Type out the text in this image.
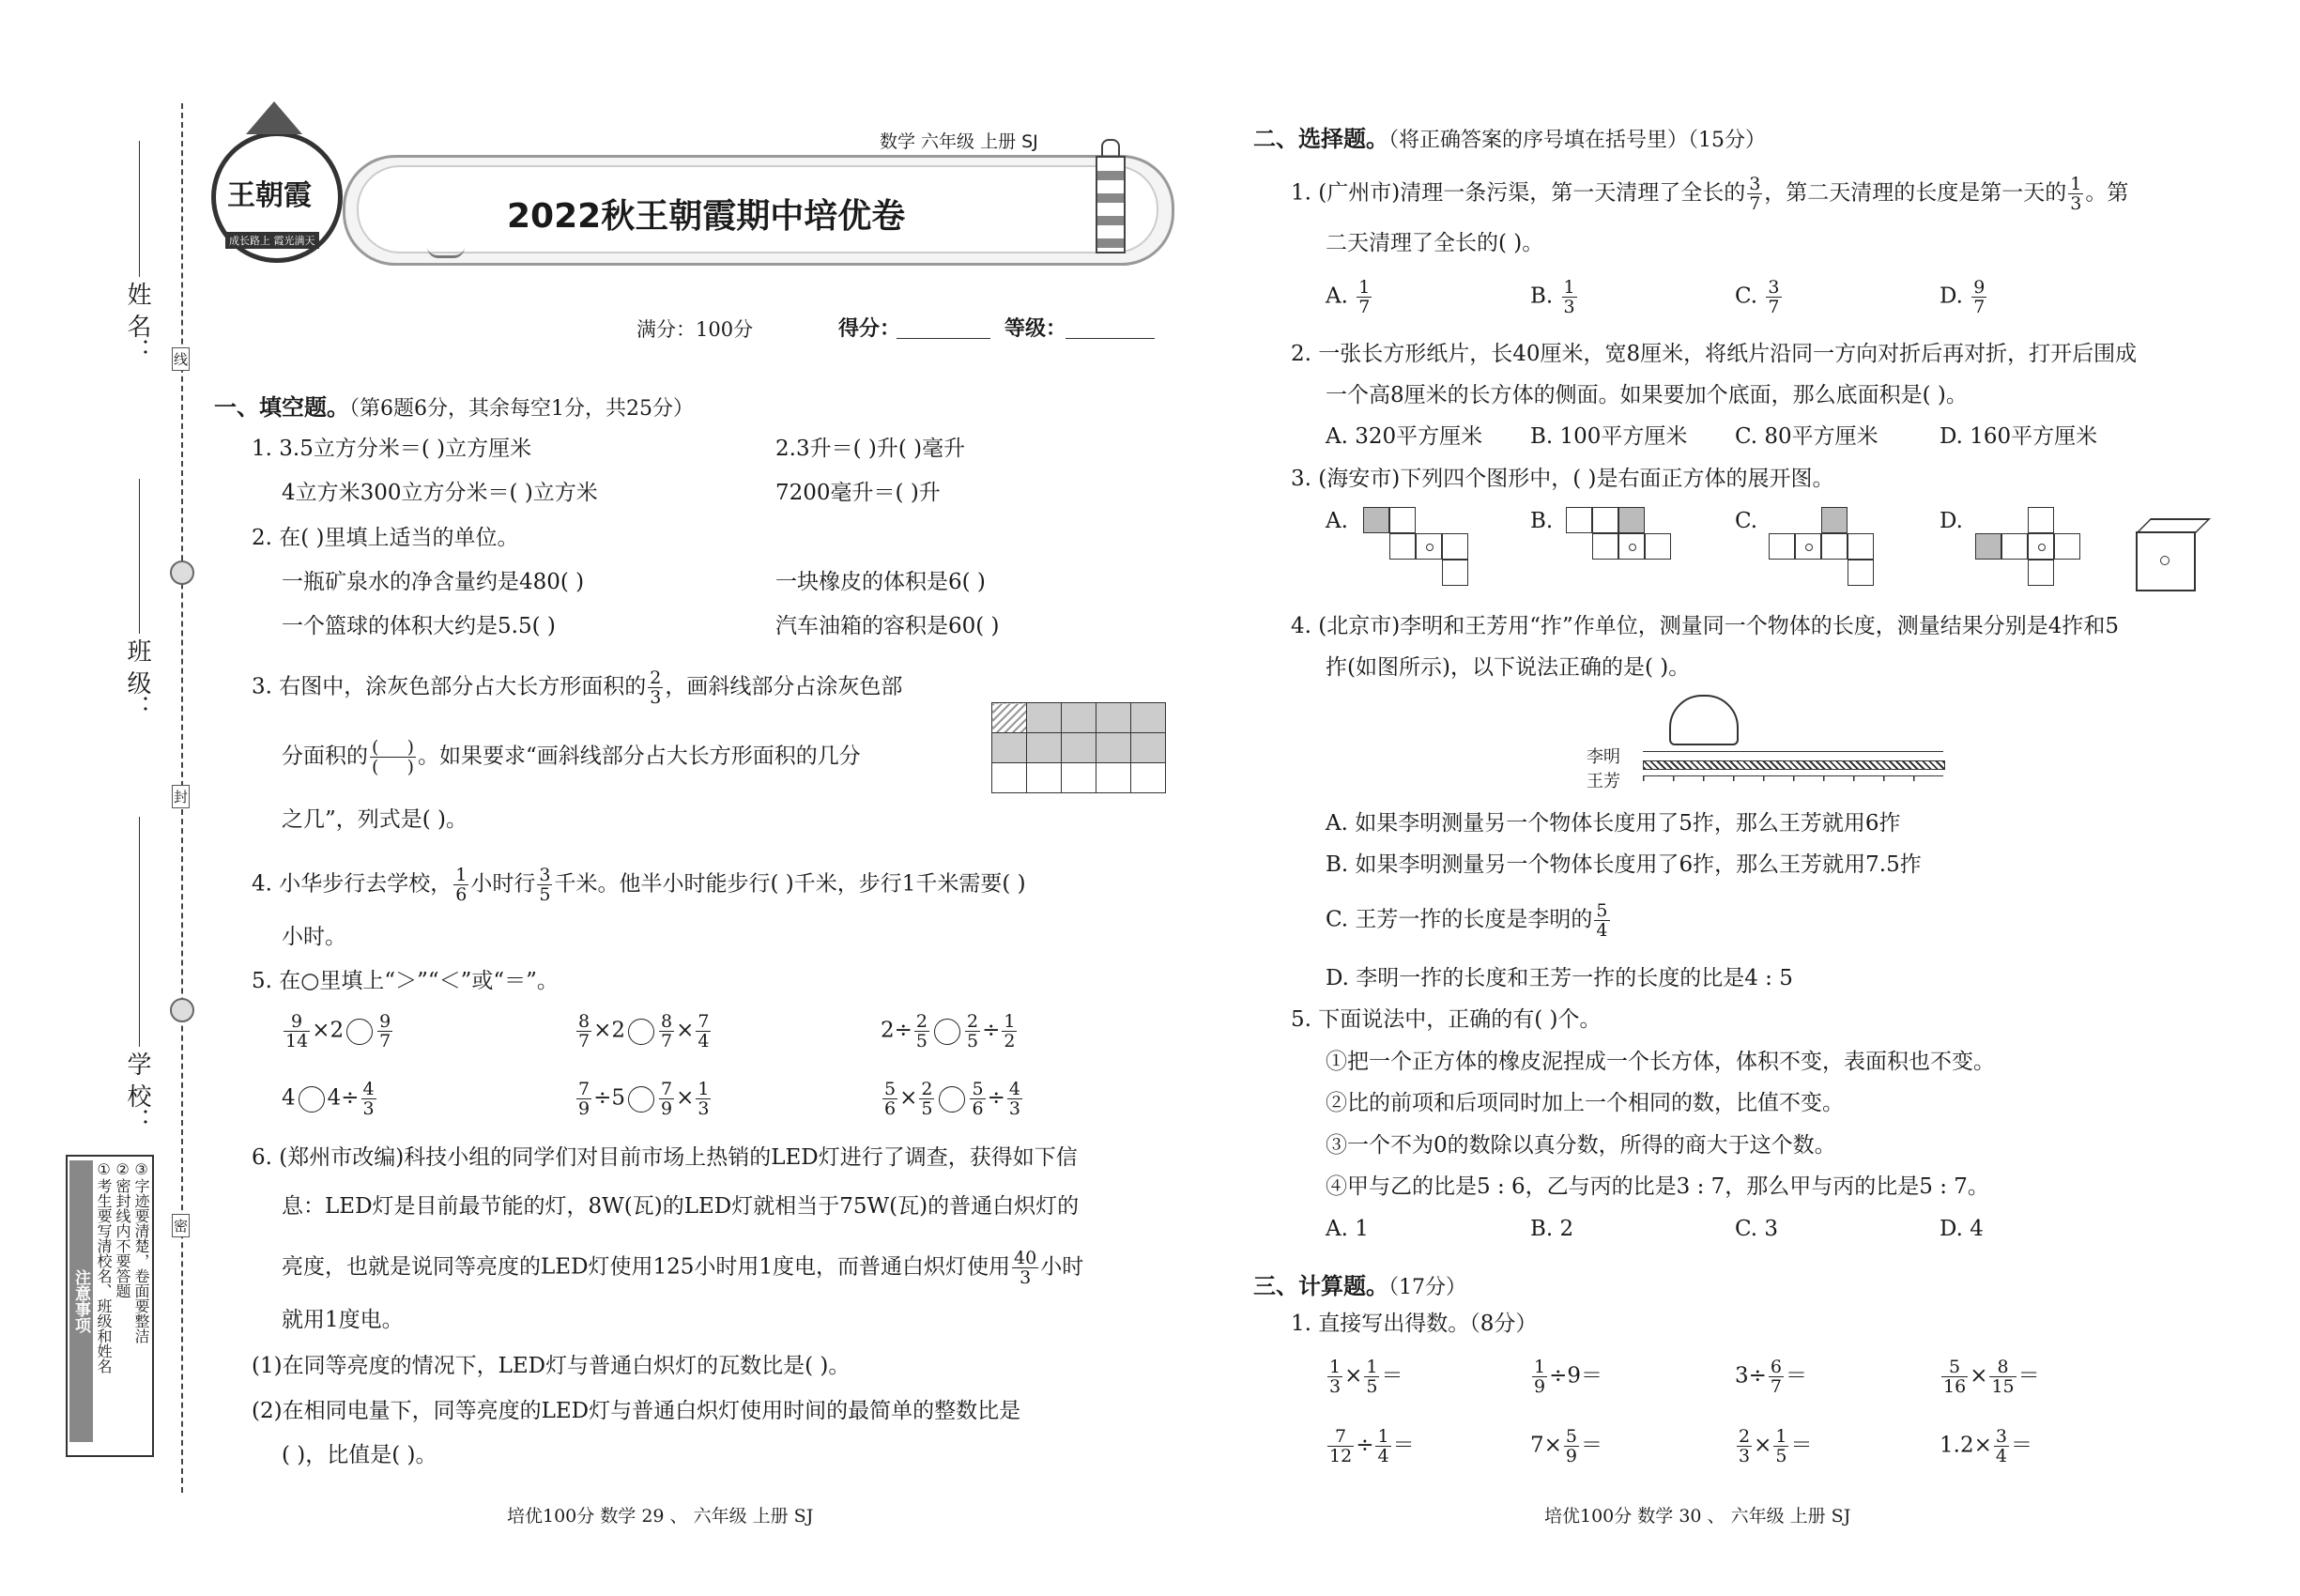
姓 名：
班 级：
学 校：
线
封
密
注意事项 ①考生要写清校名、班级和姓名 ②密封线内不要答题 ③字迹要清楚，卷面要整洁
王朝霞
成长路上 霞光满天
数学 六年级 上册 SJ
2022秋王朝霞期中培优卷
满分：100分	得分：	等级：
一、填空题。（第6题6分，其余每空1分，共25分）
1. 3.5立方分米＝( )立方厘米	2.3升＝( )升( )毫升
4立方米300立方分米＝( )立方米	7200毫升＝( )升
2. 在( )里填上适当的单位。
一瓶矿泉水的净含量约是480( )	一块橡皮的体积是6( )
一个篮球的体积大约是5.5( )	汽车油箱的容积是60( )
3. 右图中，涂灰色部分占大长方形面积的 $\frac{2}{3}$ ，画斜线部分占涂灰色部
分面积的 $\frac{( )}{( )}$ 。如果要求“画斜线部分占大长方形面积的几分
之几”，列式是( )。

4. 小华步行去学校， $\frac{1}{6}$ 小时行 $\frac{3}{5}$ 千米。他半小时能步行( )千米，步行1千米需要( )
小时。
5. 在○里填上“＞”“＜”或“＝”。
$\frac{9}{14} \times 2 \frac{9}{7}$	$\frac{8}{7} \times 2 \frac{8}{7} \times \frac{7}{4}$	$2\div \frac{2}{5} \frac{2}{5} \div \frac{1}{2}$
4 $4\div \frac{4}{3}$	$\frac{7}{9} \div 5 \frac{7}{9} \times \frac{1}{3}$	$\frac{5}{6} \times \frac{2}{5} \frac{5}{6} \div \frac{4}{3}$
6. (郑州市改编)科技小组的同学们对目前市场上热销的LED灯进行了调查，获得如下信
息：LED灯是目前最节能的灯，8W(瓦)的LED灯就相当于75W(瓦)的普通白炽灯的
亮度，也就是说同等亮度的LED灯使用125小时用1度电，而普通白炽灯使用 $\frac{40}{3}$ 小时
就用1度电。
(1)在同等亮度的情况下，LED灯与普通白炽灯的瓦数比是( )。
(2)在相同电量下，同等亮度的LED灯与普通白炽灯使用时间的最简单的整数比是
( )，比值是( )。
培优100分 数学 29 、 六年级 上册 SJ
二、选择题。（将正确答案的序号填在括号里）（15分）
1. (广州市)清理一条污渠，第一天清理了全长的 $\frac{3}{7}$ ，第二天清理的长度是第一天的 $\frac{1}{3}$ 。第
二天清理了全长的( )。
A. $\frac{1}{7}$	B. $\frac{1}{3}$	C. $\frac{3}{7}$	D. $\frac{9}{7}$
2. 一张长方形纸片，长40厘米，宽8厘米，将纸片沿同一方向对折后再对折，打开后围成
一个高8厘米的长方体的侧面。如果要加个底面，那么底面积是( )。
A. 320平方厘米 B. 100平方厘米 C. 80平方厘米	D. 160平方厘米
3. (海安市)下列四个图形中，( )是右面正方体的展开图。
A.	B.	C.	D.
4. (北京市)李明和王芳用“拃”作单位，测量同一个物体的长度，测量结果分别是4拃和5
拃(如图所示)，以下说法正确的是( )。
李明
王芳
A. 如果李明测量另一个物体长度用了5拃，那么王芳就用6拃
B. 如果李明测量另一个物体长度用了6拃，那么王芳就用7.5拃
C. 王芳一拃的长度是李明的 $\frac{5}{4}$
D. 李明一拃的长度和王芳一拃的长度的比是4 : 5
5. 下面说法中，正确的有( )个。
①把一个正方体的橡皮泥捏成一个长方体，体积不变，表面积也不变。
②比的前项和后项同时加上一个相同的数，比值不变。
③一个不为0的数除以真分数，所得的商大于这个数。
④甲与乙的比是5 : 6，乙与丙的比是3 : 7，那么甲与丙的比是5 : 7。
A. 1	B. 2	C. 3	D. 4
三、计算题。（17分）
1. 直接写出得数。（8分）
$\frac{1}{3} \times \frac{1}{5}$ ＝	$\frac{1}{9} \div 9=$	$3\div \frac{6}{7}$ ＝	$\frac{5}{16} \times \frac{8}{15}$ ＝
$\frac{7}{12} \div \frac{1}{4}$ ＝	$7\times \frac{5}{9}$ ＝	$\frac{2}{3} \times \frac{1}{5}$ ＝	$1.2\times \frac{3}{4}$ ＝
培优100分 数学 30 、 六年级 上册 SJ
